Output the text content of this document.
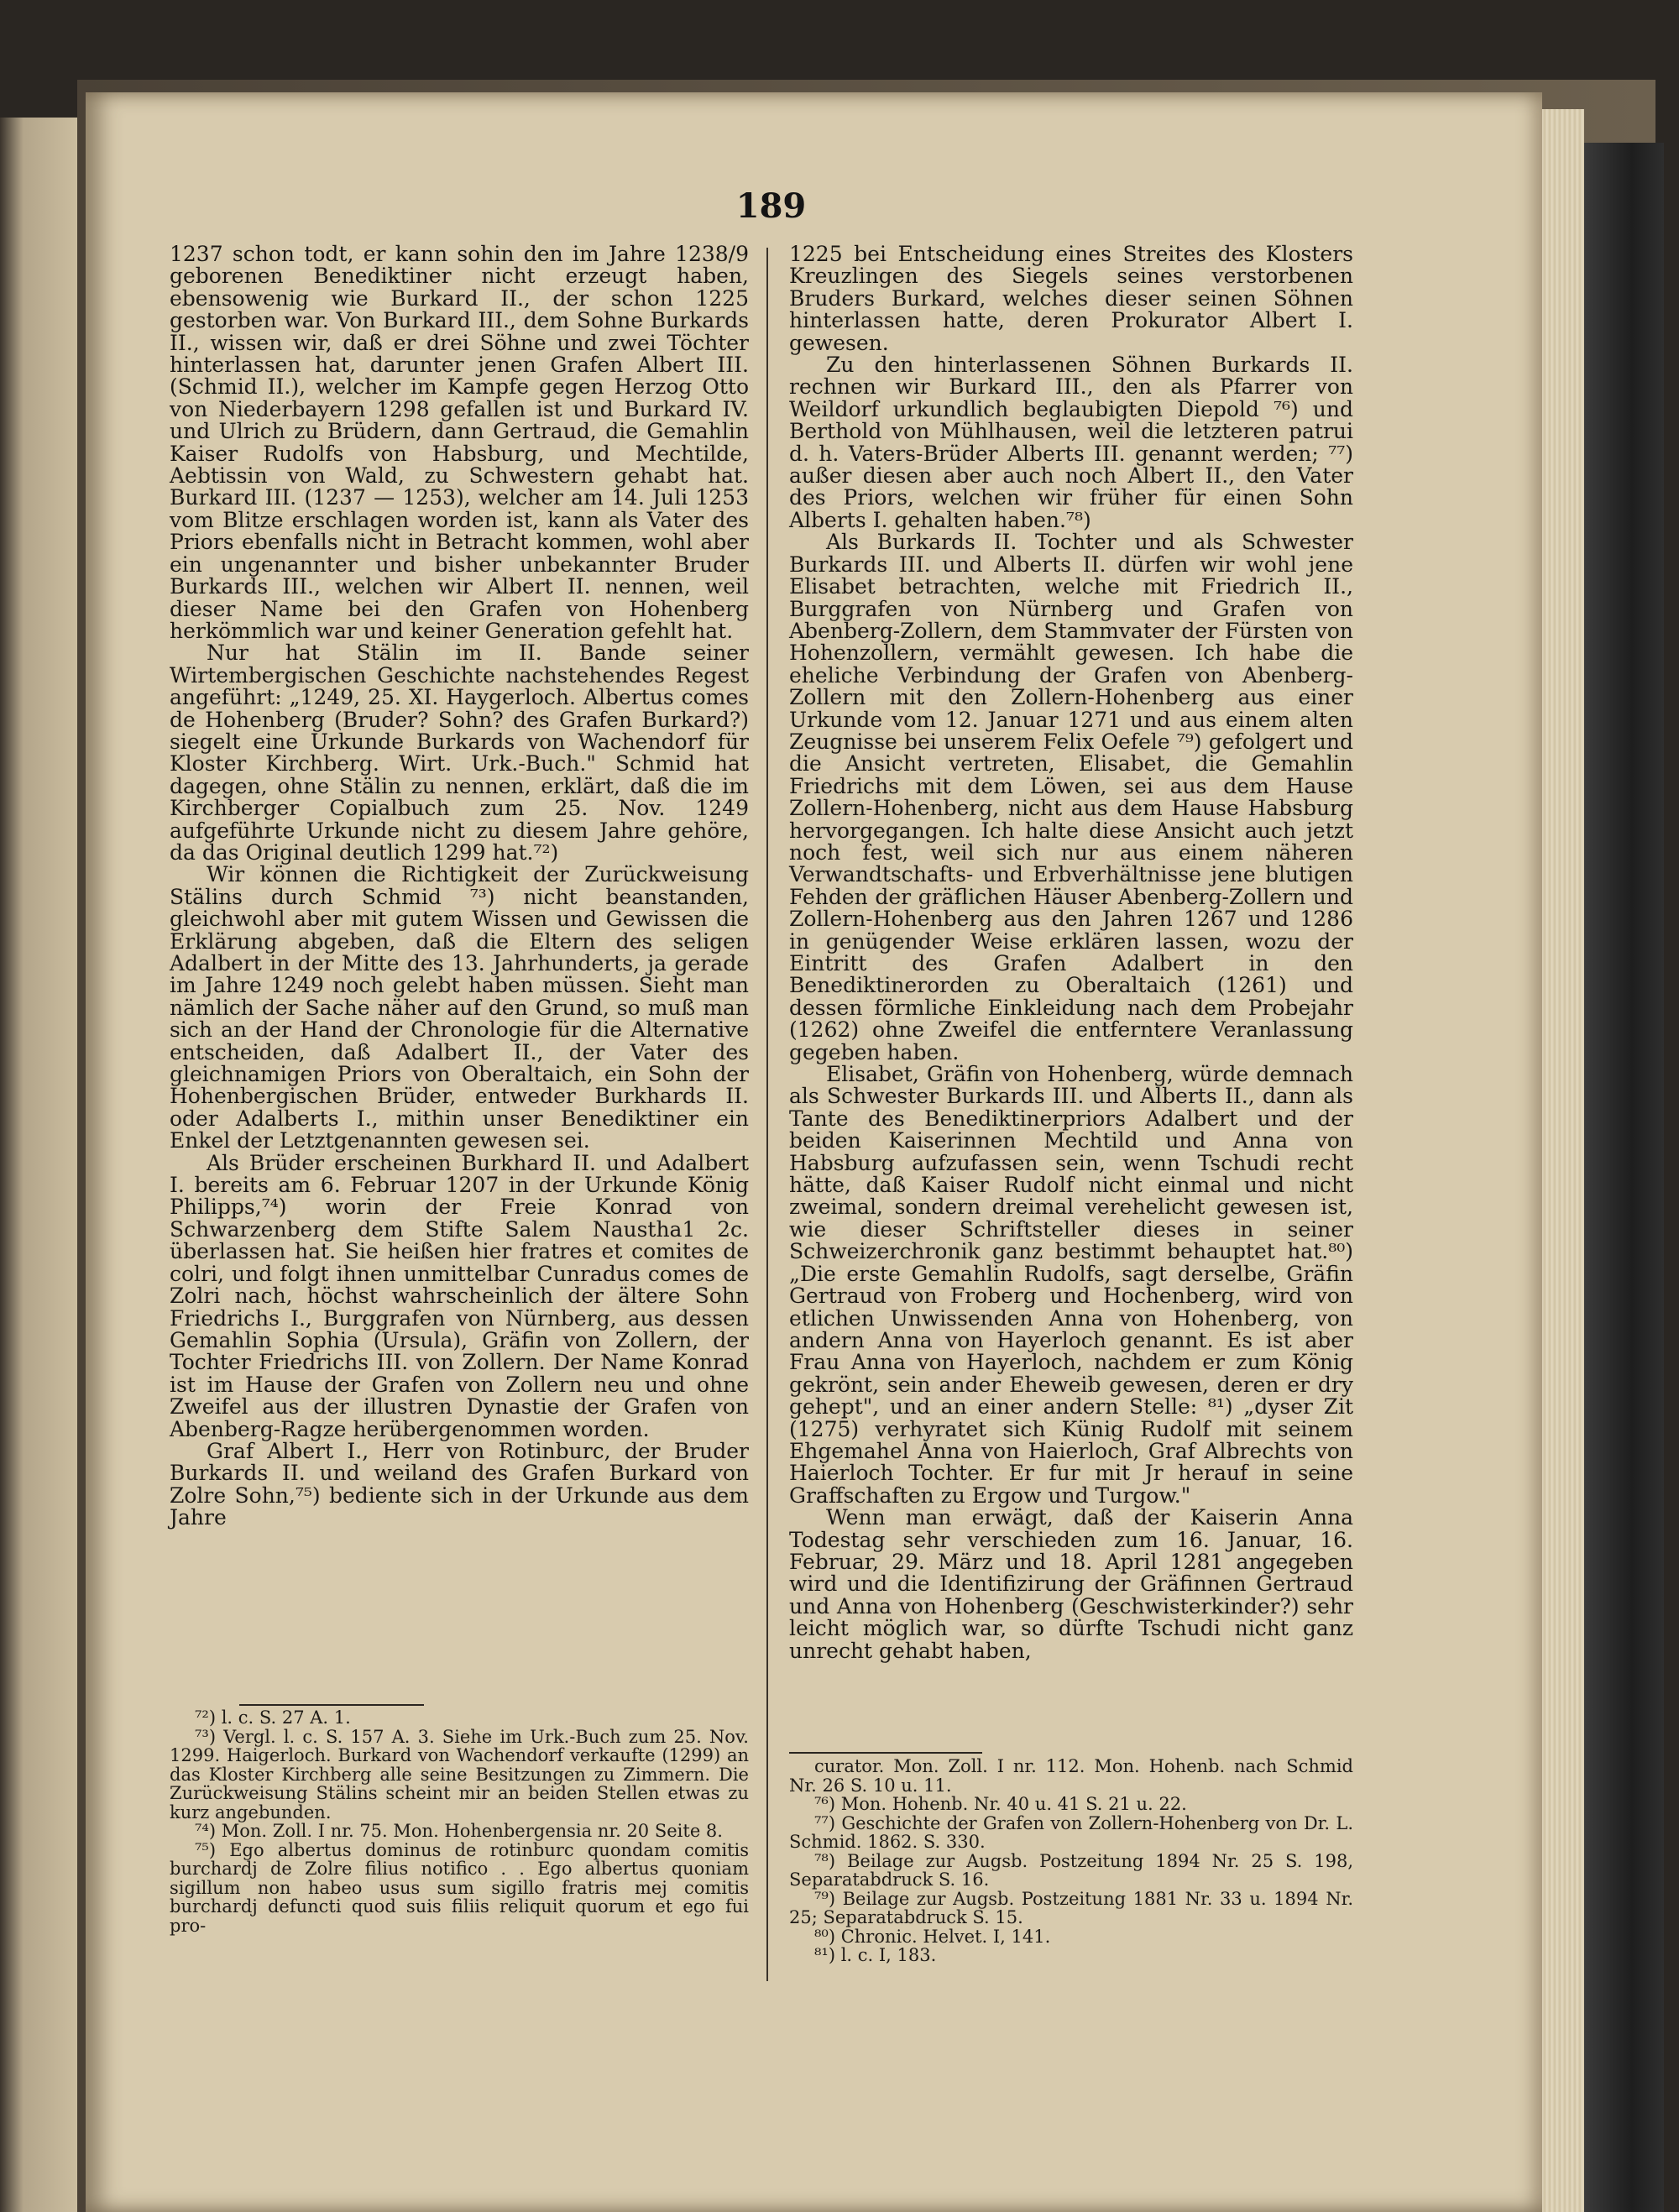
189

1237 schon todt, er kann sohin den im Jahre 1238/9 geborenen Benediktiner nicht erzeugt haben, ebensowenig wie Burkard II., der schon 1225 gestorben war. Von Burkard III., dem Sohne Burkards II., wissen wir, daß er drei Söhne und zwei Töchter hinterlassen hat, darunter jenen Grafen Albert III. (Schmid II.), welcher im Kampfe gegen Herzog Otto von Niederbayern 1298 gefallen ist und Burkard IV. und Ulrich zu Brüdern, dann Gertraud, die Gemahlin Kaiser Rudolfs von Habsburg, und Mechtilde, Aebtissin von Wald, zu Schwestern gehabt hat. Burkard III. (1237 — 1253), welcher am 14. Juli 1253 vom Blitze erschlagen worden ist, kann als Vater des Priors ebenfalls nicht in Betracht kommen, wohl aber ein ungenannter und bisher unbekannter Bruder Burkards III., welchen wir Albert II. nennen, weil dieser Name bei den Grafen von Hohenberg herkömmlich war und keiner Generation gefehlt hat.

Nur hat Stälin im II. Bande seiner Wirtembergischen Geschichte nachstehendes Regest angeführt: „1249, 25. XI. Haygerloch. Albertus comes de Hohenberg (Bruder? Sohn? des Grafen Burkard?) siegelt eine Urkunde Burkards von Wachendorf für Kloster Kirchberg. Wirt. Urk.-Buch." Schmid hat dagegen, ohne Stälin zu nennen, erklärt, daß die im Kirchberger Copialbuch zum 25. Nov. 1249 aufgeführte Urkunde nicht zu diesem Jahre gehöre, da das Original deutlich 1299 hat.⁷²)

Wir können die Richtigkeit der Zurückweisung Stälins durch Schmid ⁷³) nicht beanstanden, gleichwohl aber mit gutem Wissen und Gewissen die Erklärung abgeben, daß die Eltern des seligen Adalbert in der Mitte des 13. Jahrhunderts, ja gerade im Jahre 1249 noch gelebt haben müssen. Sieht man nämlich der Sache näher auf den Grund, so muß man sich an der Hand der Chronologie für die Alternative entscheiden, daß Adalbert II., der Vater des gleichnamigen Priors von Oberaltaich, ein Sohn der Hohenbergischen Brüder, entweder Burkhards II. oder Adalberts I., mithin unser Benediktiner ein Enkel der Letztgenannten gewesen sei.

Als Brüder erscheinen Burkhard II. und Adalbert I. bereits am 6. Februar 1207 in der Urkunde König Philipps,⁷⁴) worin der Freie Konrad von Schwarzenberg dem Stifte Salem Naustha1 2c. überlassen hat. Sie heißen hier fratres et comites de colri, und folgt ihnen unmittelbar Cunradus comes de Zolri nach, höchst wahrscheinlich der ältere Sohn Friedrichs I., Burggrafen von Nürnberg, aus dessen Gemahlin Sophia (Ursula), Gräfin von Zollern, der Tochter Friedrichs III. von Zollern. Der Name Konrad ist im Hause der Grafen von Zollern neu und ohne Zweifel aus der illustren Dynastie der Grafen von Abenberg-Ragze herübergenommen worden.

Graf Albert I., Herr von Rotinburc, der Bruder Burkards II. und weiland des Grafen Burkard von Zolre Sohn,⁷⁵) bediente sich in der Urkunde aus dem Jahre

1225 bei Entscheidung eines Streites des Klosters Kreuzlingen des Siegels seines verstorbenen Bruders Burkard, welches dieser seinen Söhnen hinterlassen hatte, deren Prokurator Albert I. gewesen.

Zu den hinterlassenen Söhnen Burkards II. rechnen wir Burkard III., den als Pfarrer von Weildorf urkundlich beglaubigten Diepold ⁷⁶) und Berthold von Mühlhausen, weil die letzteren patrui d. h. Vaters-Brüder Alberts III. genannt werden; ⁷⁷) außer diesen aber auch noch Albert II., den Vater des Priors, welchen wir früher für einen Sohn Alberts I. gehalten haben.⁷⁸)

Als Burkards II. Tochter und als Schwester Burkards III. und Alberts II. dürfen wir wohl jene Elisabet betrachten, welche mit Friedrich II., Burggrafen von Nürnberg und Grafen von Abenberg-Zollern, dem Stammvater der Fürsten von Hohenzollern, vermählt gewesen. Ich habe die eheliche Verbindung der Grafen von Abenberg-Zollern mit den Zollern-Hohenberg aus einer Urkunde vom 12. Januar 1271 und aus einem alten Zeugnisse bei unserem Felix Oefele ⁷⁹) gefolgert und die Ansicht vertreten, Elisabet, die Gemahlin Friedrichs mit dem Löwen, sei aus dem Hause Zollern-Hohenberg, nicht aus dem Hause Habsburg hervorgegangen. Ich halte diese Ansicht auch jetzt noch fest, weil sich nur aus einem näheren Verwandtschafts- und Erbverhältnisse jene blutigen Fehden der gräflichen Häuser Abenberg-Zollern und Zollern-Hohenberg aus den Jahren 1267 und 1286 in genügender Weise erklären lassen, wozu der Eintritt des Grafen Adalbert in den Benediktinerorden zu Oberaltaich (1261) und dessen förmliche Einkleidung nach dem Probejahr (1262) ohne Zweifel die entferntere Veranlassung gegeben haben.

Elisabet, Gräfin von Hohenberg, würde demnach als Schwester Burkards III. und Alberts II., dann als Tante des Benediktinerpriors Adalbert und der beiden Kaiserinnen Mechtild und Anna von Habsburg aufzufassen sein, wenn Tschudi recht hätte, daß Kaiser Rudolf nicht einmal und nicht zweimal, sondern dreimal verehelicht gewesen ist, wie dieser Schriftsteller dieses in seiner Schweizerchronik ganz bestimmt behauptet hat.⁸⁰) „Die erste Gemahlin Rudolfs, sagt derselbe, Gräfin Gertraud von Froberg und Hochenberg, wird von etlichen Unwissenden Anna von Hohenberg, von andern Anna von Hayerloch genannt. Es ist aber Frau Anna von Hayerloch, nachdem er zum König gekrönt, sein ander Eheweib gewesen, deren er dry gehept", und an einer andern Stelle: ⁸¹) „dyser Zit (1275) verhyratet sich Künig Rudolf mit seinem Ehgemahel Anna von Haierloch, Graf Albrechts von Haierloch Tochter. Er fur mit Jr herauf in seine Graffschaften zu Ergow und Turgow."

Wenn man erwägt, daß der Kaiserin Anna Todestag sehr verschieden zum 16. Januar, 16. Februar, 29. März und 18. April 1281 angegeben wird und die Identifizirung der Gräfinnen Gertraud und Anna von Hohenberg (Geschwisterkinder?) sehr leicht möglich war, so dürfte Tschudi nicht ganz unrecht gehabt haben,

⁷²) l. c. S. 27 A. 1.
⁷³) Vergl. l. c. S. 157 A. 3. Siehe im Urk.-Buch zum 25. Nov. 1299. Haigerloch. Burkard von Wachendorf verkaufte (1299) an das Kloster Kirchberg alle seine Besitzungen zu Zimmern. Die Zurückweisung Stälins scheint mir an beiden Stellen etwas zu kurz angebunden.
⁷⁴) Mon. Zoll. I nr. 75. Mon. Hohenbergensia nr. 20 Seite 8.
⁷⁵) Ego albertus dominus de rotinburc quondam comitis burchardj de Zolre filius notifico . . Ego albertus quoniam sigillum non habeo usus sum sigillo fratris mej comitis burchardj defuncti quod suis filiis reliquit quorum et ego fui pro-
curator. Mon. Zoll. I nr. 112. Mon. Hohenb. nach Schmid Nr. 26 S. 10 u. 11.
⁷⁶) Mon. Hohenb. Nr. 40 u. 41 S. 21 u. 22.
⁷⁷) Geschichte der Grafen von Zollern-Hohenberg von Dr. L. Schmid. 1862. S. 330.
⁷⁸) Beilage zur Augsb. Postzeitung 1894 Nr. 25 S. 198, Separatabdruck S. 16.
⁷⁹) Beilage zur Augsb. Postzeitung 1881 Nr. 33 u. 1894 Nr. 25; Separatabdruck S. 15.
⁸⁰) Chronic. Helvet. I, 141.
⁸¹) l. c. I, 183.
